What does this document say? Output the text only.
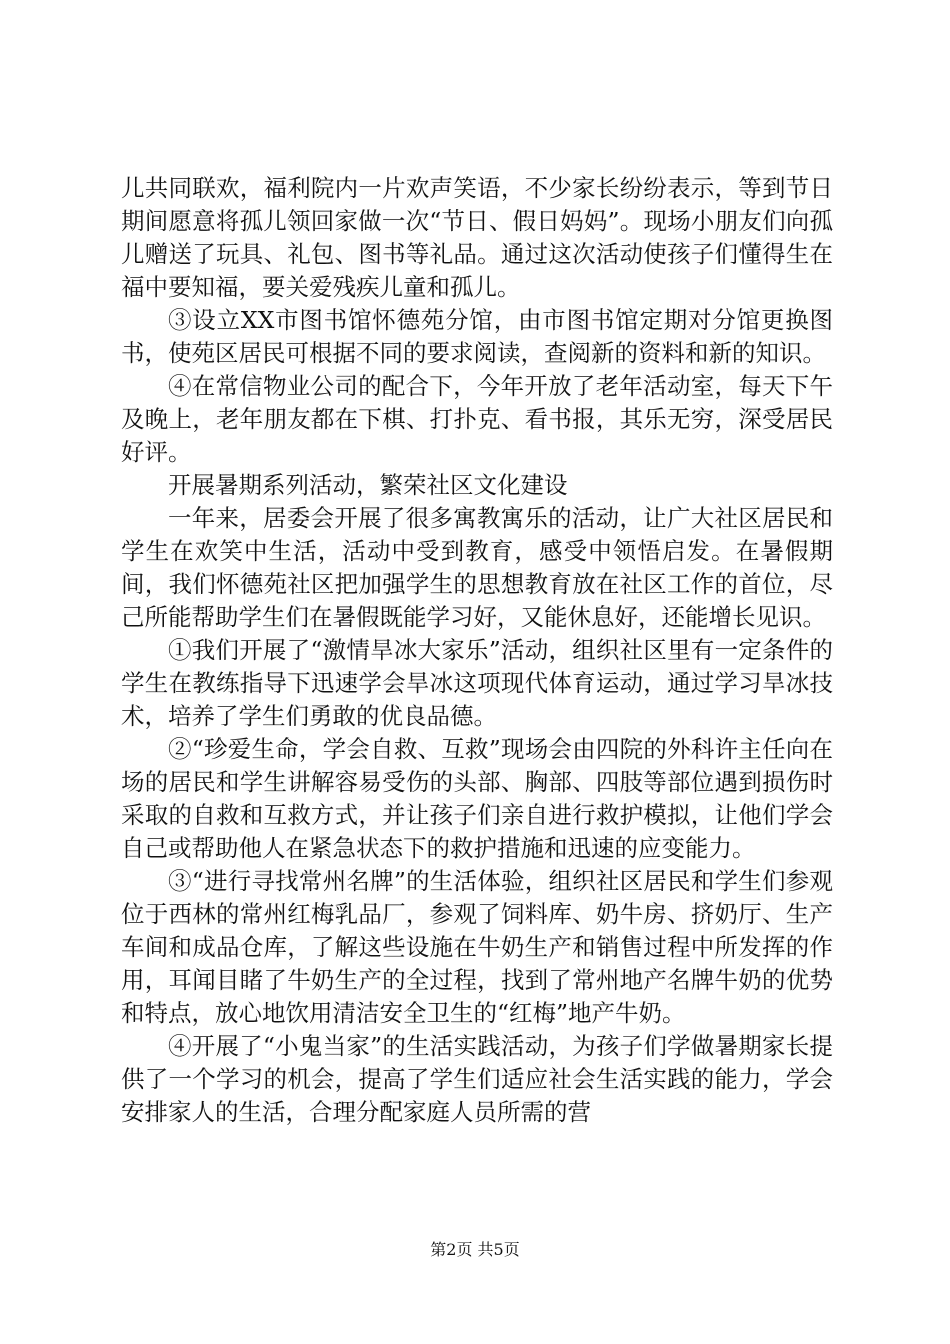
儿共同联欢，福利院内一片欢声笑语，不少家长纷纷表示，等到节日期间愿意将孤儿领回家做一次“节日、假日妈妈”。现场小朋友们向孤儿赠送了玩具、礼包、图书等礼品。通过这次活动使孩子们懂得生在福中要知福，要关爱残疾儿童和孤儿。

③设立XX市图书馆怀德苑分馆，由市图书馆定期对分馆更换图书，使苑区居民可根据不同的要求阅读，查阅新的资料和新的知识。

④在常信物业公司的配合下，今年开放了老年活动室，每天下午及晚上，老年朋友都在下棋、打扑克、看书报，其乐无穷，深受居民好评。

开展暑期系列活动，繁荣社区文化建设

一年来，居委会开展了很多寓教寓乐的活动，让广大社区居民和学生在欢笑中生活，活动中受到教育，感受中领悟启发。在暑假期间，我们怀德苑社区把加强学生的思想教育放在社区工作的首位，尽己所能帮助学生们在暑假既能学习好，又能休息好，还能增长见识。

①我们开展了“激情旱冰大家乐”活动，组织社区里有一定条件的学生在教练指导下迅速学会旱冰这项现代体育运动，通过学习旱冰技术，培养了学生们勇敢的优良品德。

②“珍爱生命，学会自救、互救”现场会由四院的外科许主任向在场的居民和学生讲解容易受伤的头部、胸部、四肢等部位遇到损伤时采取的自救和互救方式，并让孩子们亲自进行救护模拟，让他们学会自己或帮助他人在紧急状态下的救护措施和迅速的应变能力。

③“进行寻找常州名牌”的生活体验，组织社区居民和学生们参观位于西林的常州红梅乳品厂，参观了饲料库、奶牛房、挤奶厅、生产车间和成品仓库，了解这些设施在牛奶生产和销售过程中所发挥的作用，耳闻目睹了牛奶生产的全过程，找到了常州地产名牌牛奶的优势和特点，放心地饮用清洁安全卫生的“红梅”地产牛奶。

④开展了“小鬼当家”的生活实践活动，为孩子们学做暑期家长提供了一个学习的机会，提高了学生们适应社会生活实践的能力，学会安排家人的生活，合理分配家庭人员所需的营

第2页 共5页
